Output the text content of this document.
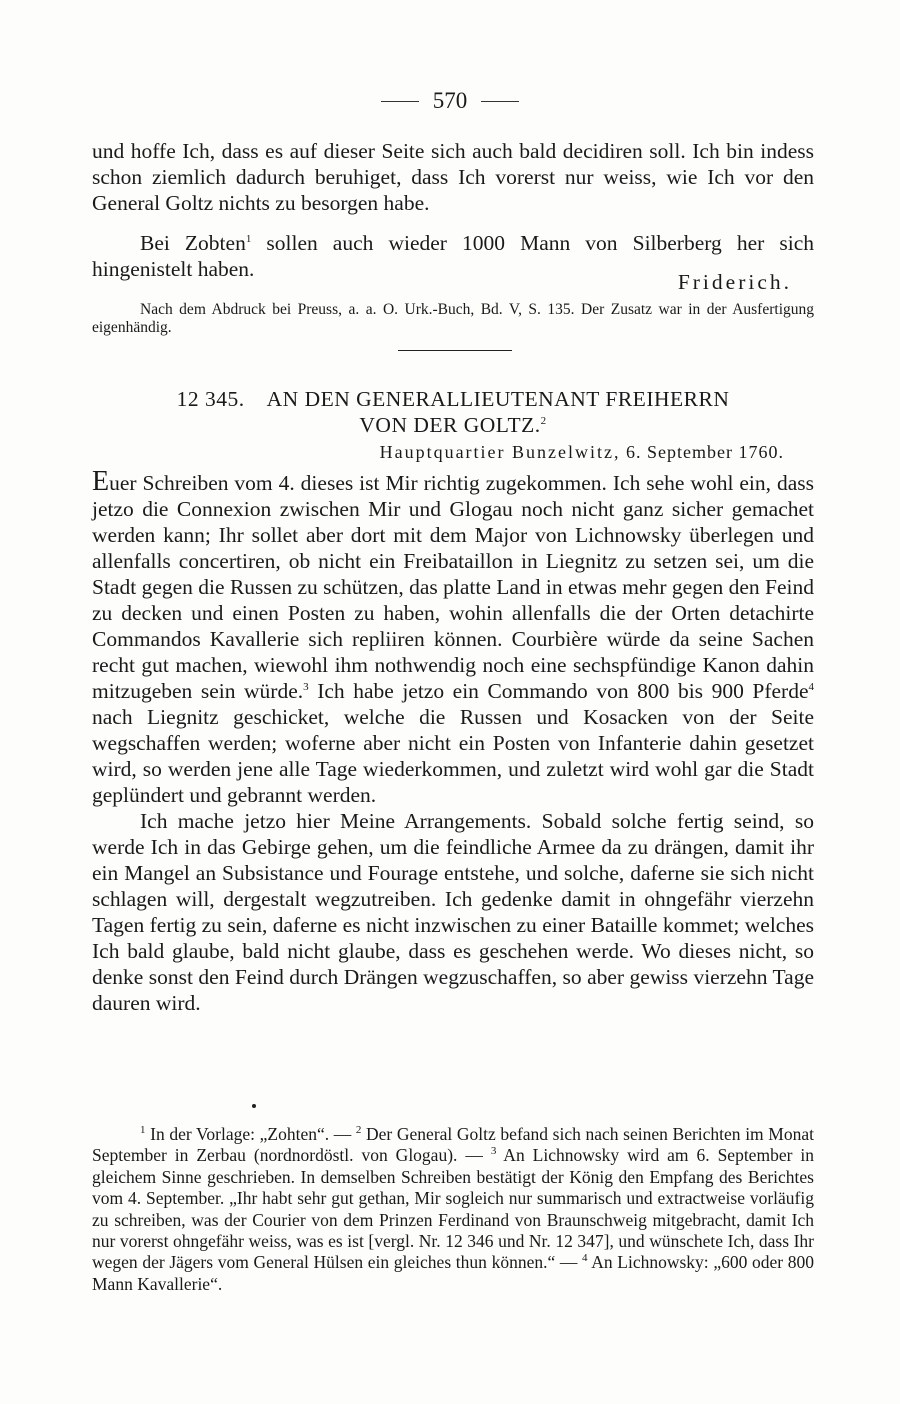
570

und hoffe Ich, dass es auf dieser Seite sich auch bald decidiren soll. Ich bin indess schon ziemlich dadurch beruhiget, dass Ich vorerst nur weiss, wie Ich vor den General Goltz nichts zu besorgen habe.

Bei Zobten$^1$ sollen auch wieder 1000 Mann von Silberberg her sich hingenistelt haben.

Friderich.

Nach dem Abdruck bei Preuss, a. a. O. Urk.-Buch, Bd. V, S. 135. Der Zusatz war in der Ausfertigung eigenhändig.

12 345. AN DEN GENERALLIEUTENANT FREIHERRN
VON DER GOLTZ.$^2$
Hauptquartier Bunzelwitz, 6. September 1760.

Euer Schreiben vom 4. dieses ist Mir richtig zugekommen. Ich sehe wohl ein, dass jetzo die Connexion zwischen Mir und Glogau noch nicht ganz sicher gemachet werden kann; Ihr sollet aber dort mit dem Major von Lichnowsky überlegen und allenfalls concertiren, ob nicht ein Freibataillon in Liegnitz zu setzen sei, um die Stadt gegen die Russen zu schützen, das platte Land in etwas mehr gegen den Feind zu decken und einen Posten zu haben, wohin allenfalls die der Orten detachirte Commandos Kavallerie sich repliiren können. Courbière würde da seine Sachen recht gut machen, wiewohl ihm nothwendig noch eine sechspfündige Kanon dahin mitzugeben sein würde.$^3$ Ich habe jetzo ein Commando von 800 bis 900 Pferde$^4$ nach Liegnitz geschicket, welche die Russen und Kosacken von der Seite wegschaffen werden; woferne aber nicht ein Posten von Infanterie dahin gesetzet wird, so werden jene alle Tage wiederkommen, und zuletzt wird wohl gar die Stadt geplündert und gebrannt werden.

Ich mache jetzo hier Meine Arrangements. Sobald solche fertig seind, so werde Ich in das Gebirge gehen, um die feindliche Armee da zu drängen, damit ihr ein Mangel an Subsistance und Fourage entstehe, und solche, daferne sie sich nicht schlagen will, dergestalt wegzutreiben. Ich gedenke damit in ohngefähr vierzehn Tagen fertig zu sein, daferne es nicht inzwischen zu einer Bataille kommet; welches Ich bald glaube, bald nicht glaube, dass es geschehen werde. Wo dieses nicht, so denke sonst den Feind durch Drängen wegzuschaffen, so aber gewiss vierzehn Tage dauren wird.

$^1$ In der Vorlage: „Zohten“. — $^2$ Der General Goltz befand sich nach seinen Berichten im Monat September in Zerbau (nordnordöstl. von Glogau). — $^3$ An Lichnowsky wird am 6. September in gleichem Sinne geschrieben. In demselben Schreiben bestätigt der König den Empfang des Berichtes vom 4. September. „Ihr habt sehr gut gethan, Mir sogleich nur summarisch und extractweise vorläufig zu schreiben, was der Courier von dem Prinzen Ferdinand von Braunschweig mitgebracht, damit Ich nur vorerst ohngefähr weiss, was es ist [vergl. Nr. 12 346 und Nr. 12 347], und wünschete Ich, dass Ihr wegen der Jägers vom General Hülsen ein gleiches thun können.“ — $^4$ An Lichnowsky: „600 oder 800 Mann Kavallerie“.
